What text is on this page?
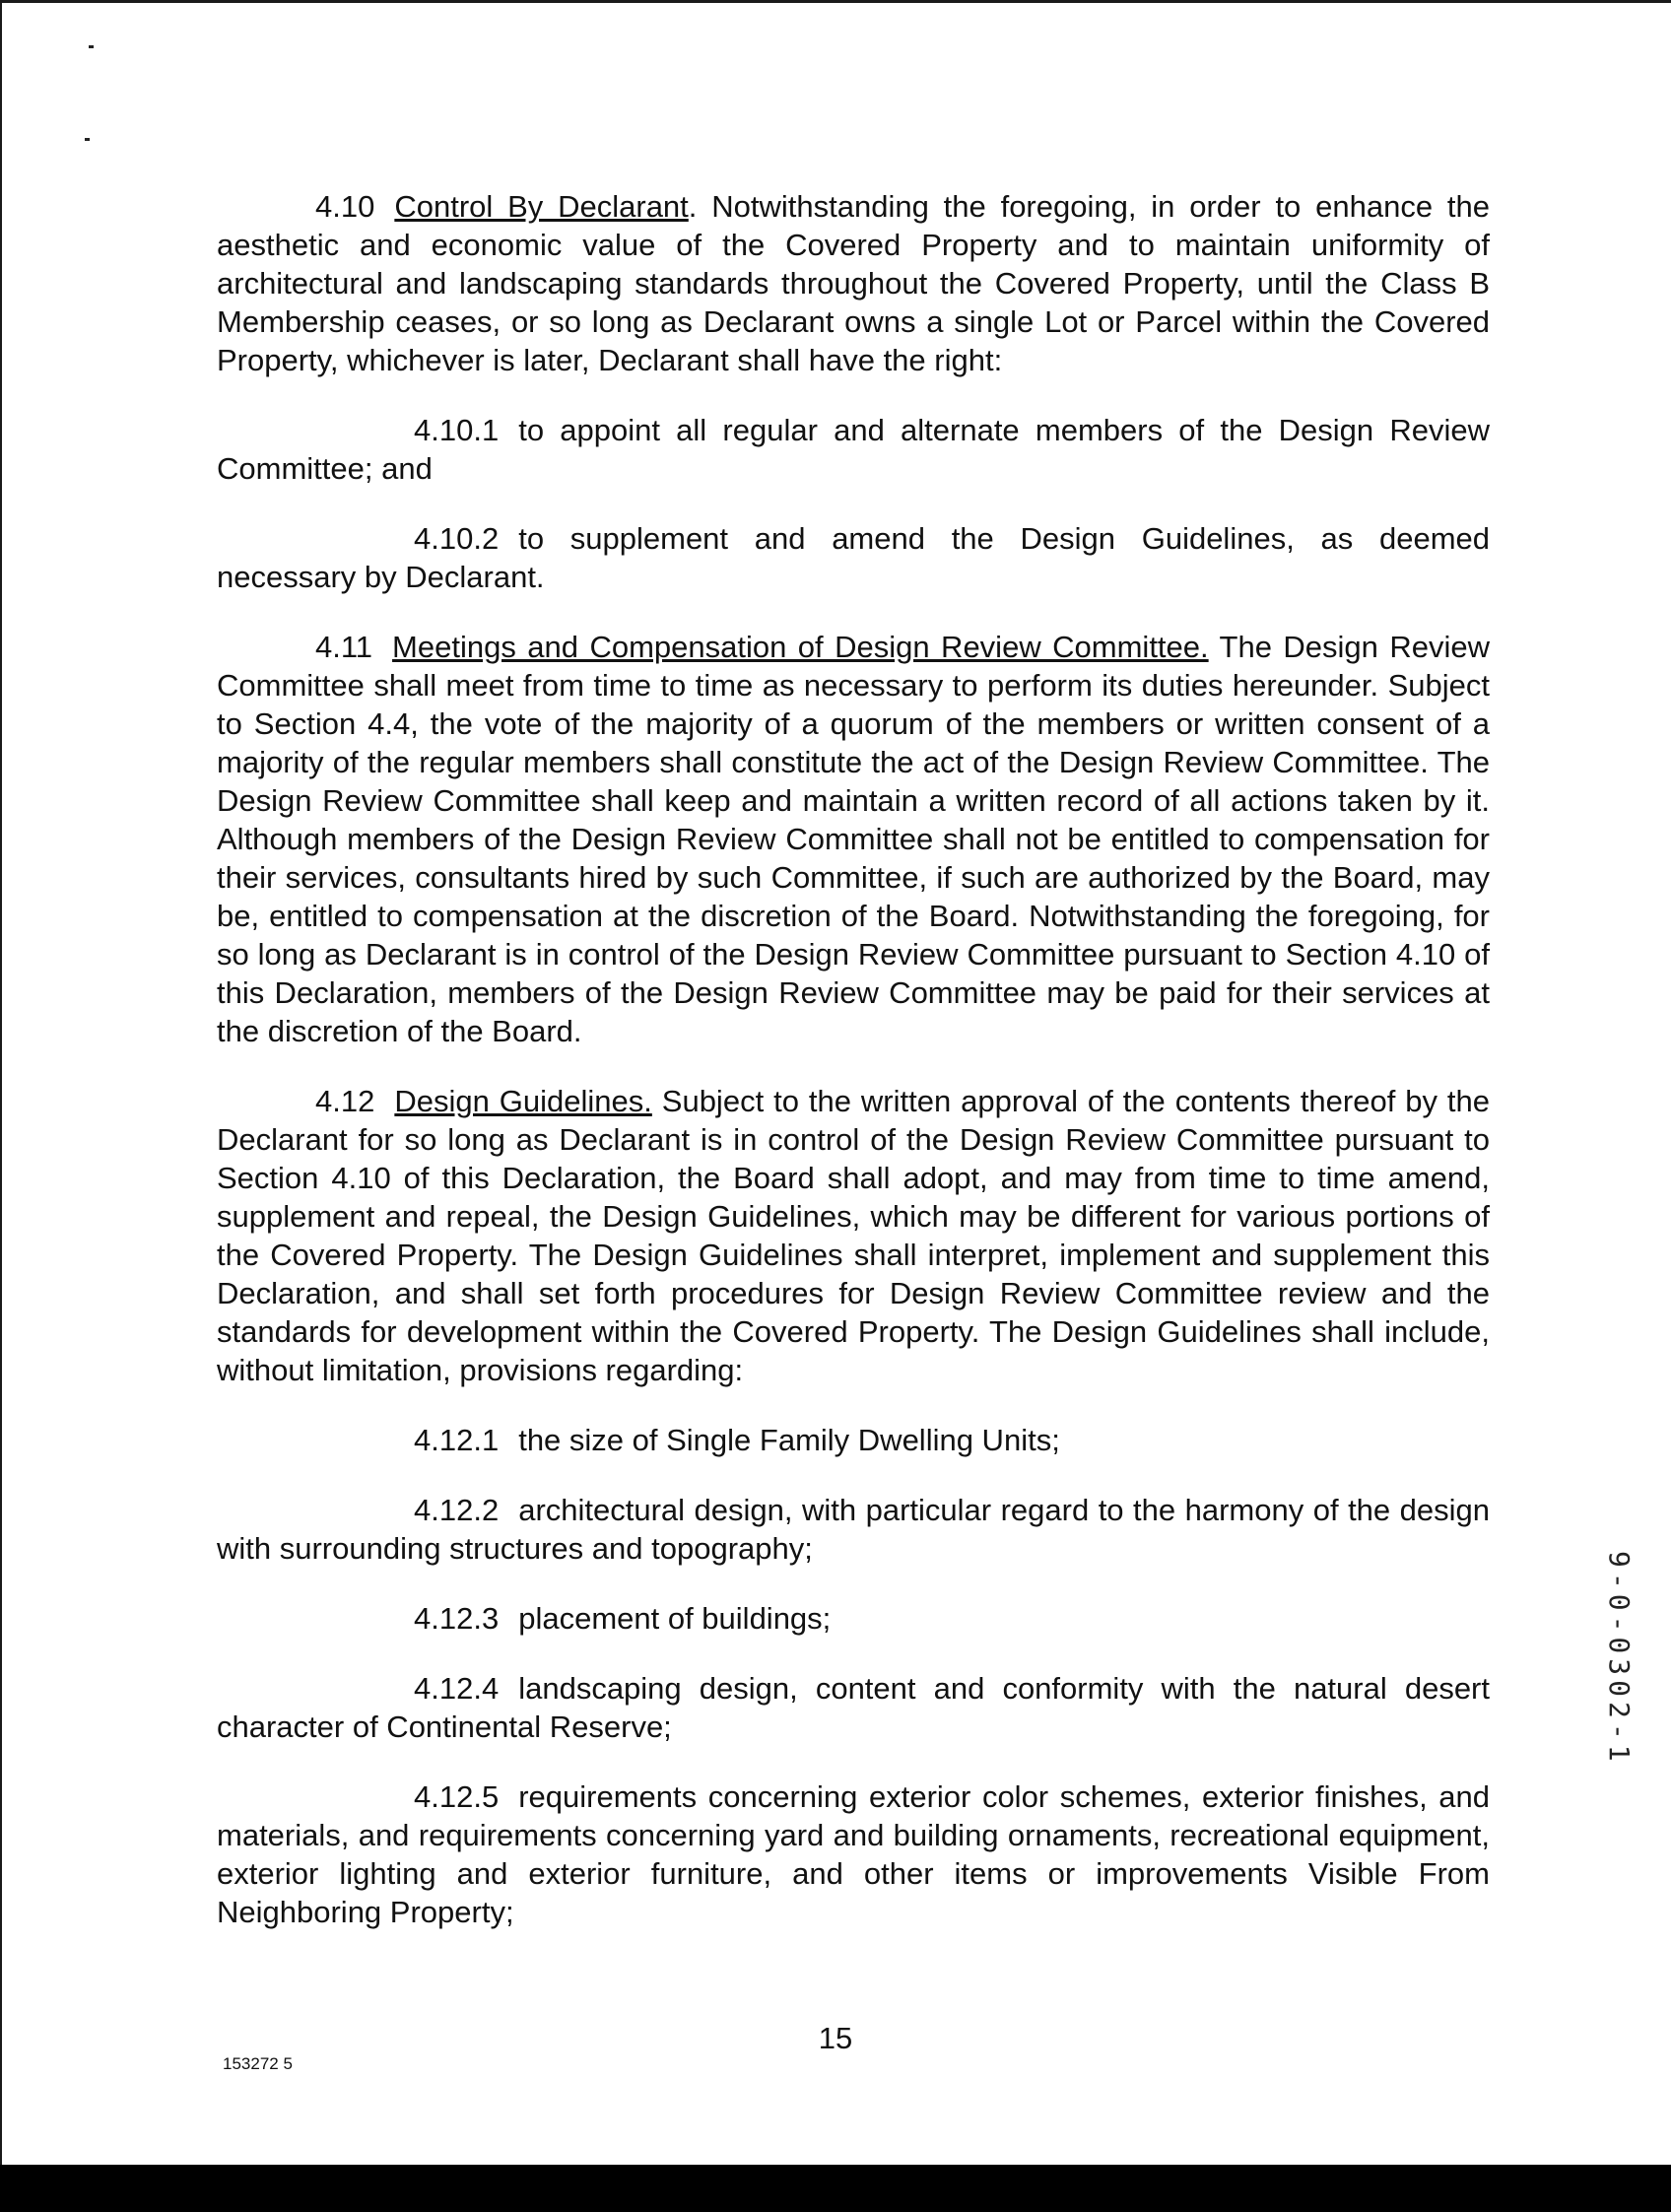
4.10 Control By Declarant. Notwithstanding the foregoing, in order to enhance the aesthetic and economic value of the Covered Property and to maintain uniformity of architectural and landscaping standards throughout the Covered Property, until the Class B Membership ceases, or so long as Declarant owns a single Lot or Parcel within the Covered Property, whichever is later, Declarant shall have the right:

4.10.1 to appoint all regular and alternate members of the Design Review Committee; and

4.10.2 to supplement and amend the Design Guidelines, as deemed necessary by Declarant.

4.11 Meetings and Compensation of Design Review Committee. The Design Review Committee shall meet from time to time as necessary to perform its duties hereunder. Subject to Section 4.4, the vote of the majority of a quorum of the members or written consent of a majority of the regular members shall constitute the act of the Design Review Committee. The Design Review Committee shall keep and maintain a written record of all actions taken by it. Although members of the Design Review Committee shall not be entitled to compensation for their services, consultants hired by such Committee, if such are authorized by the Board, may be, entitled to compensation at the discretion of the Board. Notwithstanding the foregoing, for so long as Declarant is in control of the Design Review Committee pursuant to Section 4.10 of this Declaration, members of the Design Review Committee may be paid for their services at the discretion of the Board.

4.12 Design Guidelines. Subject to the written approval of the contents thereof by the Declarant for so long as Declarant is in control of the Design Review Committee pursuant to Section 4.10 of this Declaration, the Board shall adopt, and may from time to time amend, supplement and repeal, the Design Guidelines, which may be different for various portions of the Covered Property. The Design Guidelines shall interpret, implement and supplement this Declaration, and shall set forth procedures for Design Review Committee review and the standards for development within the Covered Property. The Design Guidelines shall include, without limitation, provisions regarding:

4.12.1 the size of Single Family Dwelling Units;

4.12.2 architectural design, with particular regard to the harmony of the design with surrounding structures and topography;

4.12.3 placement of buildings;

4.12.4 landscaping design, content and conformity with the natural desert character of Continental Reserve;

4.12.5 requirements concerning exterior color schemes, exterior finishes, and materials, and requirements concerning yard and building ornaments, recreational equipment, exterior lighting and exterior furniture, and other items or improvements Visible From Neighboring Property;

15
153272 5
9-0-0302-1
